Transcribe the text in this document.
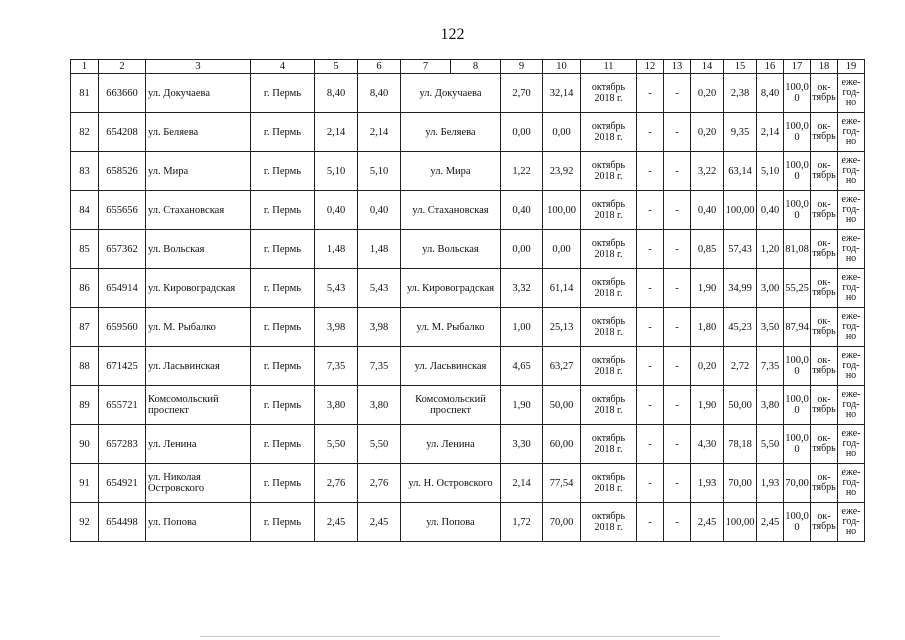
122
1	2	3	4	5	6	7	8	9	10	11	12	13	14	15	16	17	18	19
81	663660	ул. Докучаева	г. Пермь	8,40	8,40	ул. Докучаева		2,70	32,14	октябрь 2018 г.	-	-	0,20	2,38	8,40	100,0 0	ок- тябрь	еже- год- но
82	654208	ул. Беляева	г. Пермь	2,14	2,14	ул. Беляева		0,00	0,00	октябрь 2018 г.	-	-	0,20	9,35	2,14	100,0 0	ок- тябрь	еже- год- но
83	658526	ул. Мира	г. Пермь	5,10	5,10	ул. Мира		1,22	23,92	октябрь 2018 г.	-	-	3,22	63,14	5,10	100,0 0	ок- тябрь	еже- год- но
84	655656	ул. Стахановская	г. Пермь	0,40	0,40	ул. Стахановская		0,40	100,00	октябрь 2018 г.	-	-	0,40	100,00	0,40	100,0 0	ок- тябрь	еже- год- но
85	657362	ул. Вольская	г. Пермь	1,48	1,48	ул. Вольская		0,00	0,00	октябрь 2018 г.	-	-	0,85	57,43	1,20	81,08	ок- тябрь	еже- год- но
86	654914	ул. Кировоградская	г. Пермь	5,43	5,43	ул. Кировоградская		3,32	61,14	октябрь 2018 г.	-	-	1,90	34,99	3,00	55,25	ок- тябрь	еже- год- но
87	659560	ул. М. Рыбалко	г. Пермь	3,98	3,98	ул. М. Рыбалко		1,00	25,13	октябрь 2018 г.	-	-	1,80	45,23	3,50	87,94	ок- тябрь	еже- год- но
88	671425	ул. Ласьвинская	г. Пермь	7,35	7,35	ул. Ласьвинская		4,65	63,27	октябрь 2018 г.	-	-	0,20	2,72	7,35	100,0 0	ок- тябрь	еже- год- но
89	655721	Комсомольский проспект	г. Пермь	3,80	3,80	Комсомольский проспект		1,90	50,00	октябрь 2018 г.	-	-	1,90	50,00	3,80	100,0 0	ок- тябрь	еже- год- но
90	657283	ул. Ленина	г. Пермь	5,50	5,50	ул. Ленина		3,30	60,00	октябрь 2018 г.	-	-	4,30	78,18	5,50	100,0 0	ок- тябрь	еже- год- но
91	654921	ул. Николая Островского	г. Пермь	2,76	2,76	ул. Н. Островского		2,14	77,54	октябрь 2018 г.	-	-	1,93	70,00	1,93	70,00	ок- тябрь	еже- год- но
92	654498	ул. Попова	г. Пермь	2,45	2,45	ул. Попова		1,72	70,00	октябрь 2018 г.	-	-	2,45	100,00	2,45	100,0 0	ок- тябрь	еже- год- но
